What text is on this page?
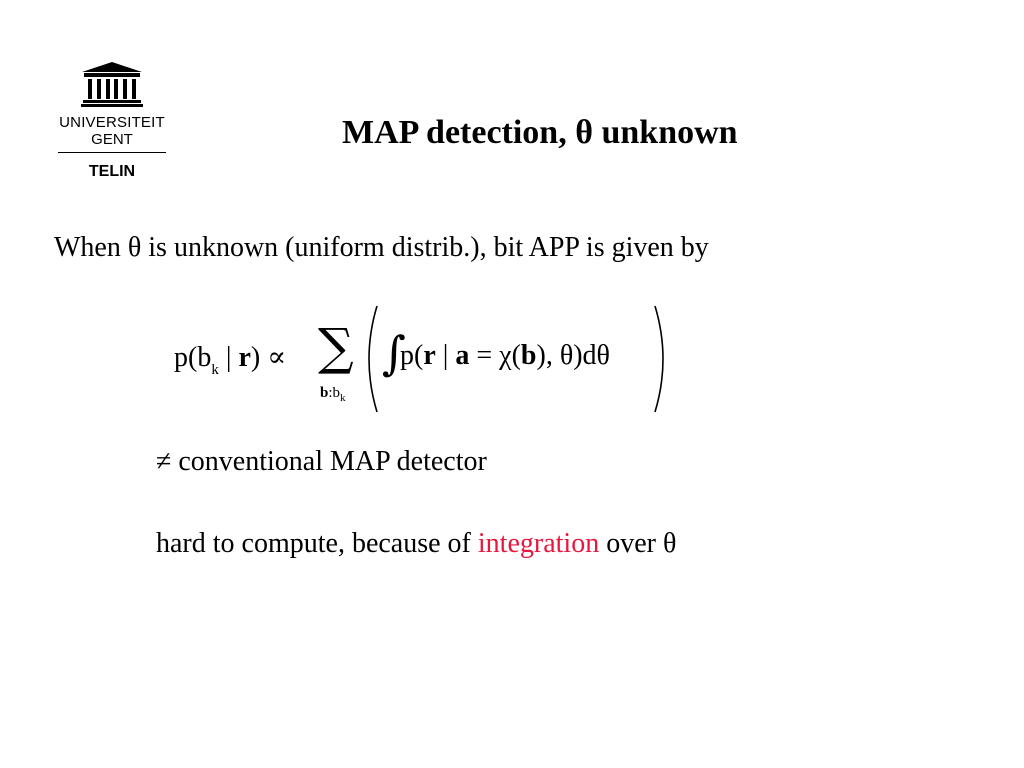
UNIVERSITEIT
GENT
TELIN
MAP detection, θ unknown
When θ is unknown (uniform distrib.), bit APP is given by
$p(b_k$ | r) ∝ ∑
$b:b_k$
∫
p(r | a = χ(b), θ)dθ
≠ conventional MAP detector
hard to compute, because of integration over θ
